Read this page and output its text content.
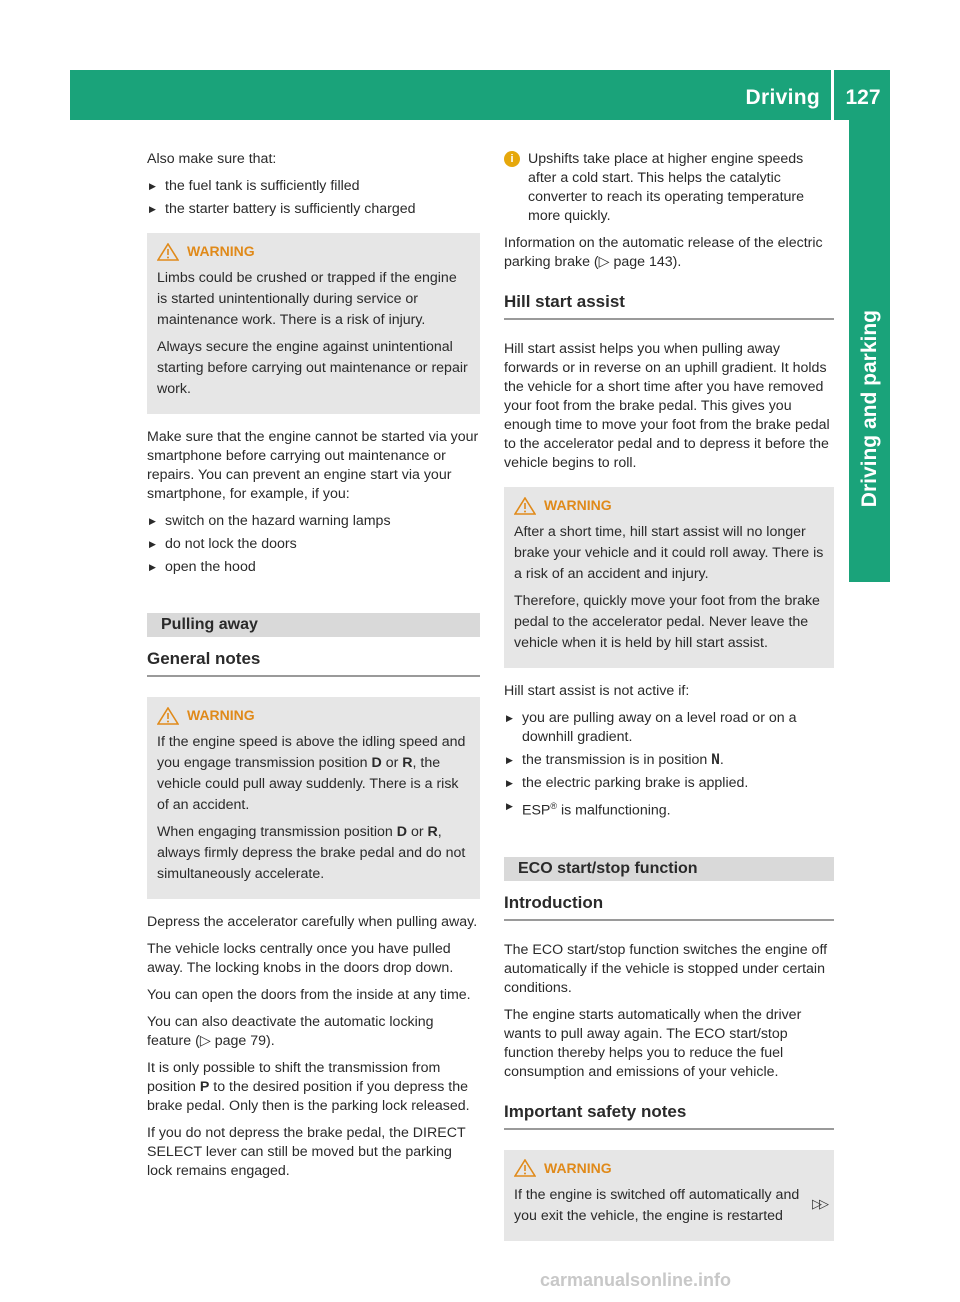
Driving	127
Driving and parking

Also make sure that:

▶ the fuel tank is sufficiently filled
▶ the starter battery is sufficiently charged
WARNING

Limbs could be crushed or trapped if the engine is started unintentionally during service or maintenance work. There is a risk of injury.

Always secure the engine against unintentional starting before carrying out maintenance or repair work.

Make sure that the engine cannot be started via your smartphone before carrying out maintenance or repairs. You can prevent an engine start via your smartphone, for example, if you:

▶ switch on the hazard warning lamps
▶ do not lock the doors
▶ open the hood
Pulling away
General notes
WARNING

If the engine speed is above the idling speed and you engage transmission position D or R, the vehicle could pull away suddenly. There is a risk of an accident.

When engaging transmission position D or R, always firmly depress the brake pedal and do not simultaneously accelerate.

Depress the accelerator carefully when pulling away.

The vehicle locks centrally once you have pulled away. The locking knobs in the doors drop down.

You can open the doors from the inside at any time.

You can also deactivate the automatic locking feature (▷ page 79).

It is only possible to shift the transmission from position P to the desired position if you depress the brake pedal. Only then is the parking lock released.

If you do not depress the brake pedal, the DIRECT SELECT lever can still be moved but the parking lock remains engaged.

i	Upshifts take place at higher engine speeds after a cold start. This helps the catalytic converter to reach its operating temperature more quickly.

Information on the automatic release of the electric parking brake (▷ page 143).

Hill start assist

Hill start assist helps you when pulling away forwards or in reverse on an uphill gradient. It holds the vehicle for a short time after you have removed your foot from the brake pedal. This gives you enough time to move your foot from the brake pedal to the accelerator pedal and to depress it before the vehicle begins to roll.

WARNING

After a short time, hill start assist will no longer brake your vehicle and it could roll away. There is a risk of an accident and injury.

Therefore, quickly move your foot from the brake pedal to the accelerator pedal. Never leave the vehicle when it is held by hill start assist.

Hill start assist is not active if:

▶ you are pulling away on a level road or on a downhill gradient.
▶ the transmission is in position N.
▶ the electric parking brake is applied.
▶ ESP® is malfunctioning.
ECO start/stop function
Introduction

The ECO start/stop function switches the engine off automatically if the vehicle is stopped under certain conditions.

The engine starts automatically when the driver wants to pull away again. The ECO start/stop function thereby helps you to reduce the fuel consumption and emissions of your vehicle.

Important safety notes
WARNING

If the engine is switched off automatically and you exit the vehicle, the engine is restarted

▷▷
carmanualsonline.info
